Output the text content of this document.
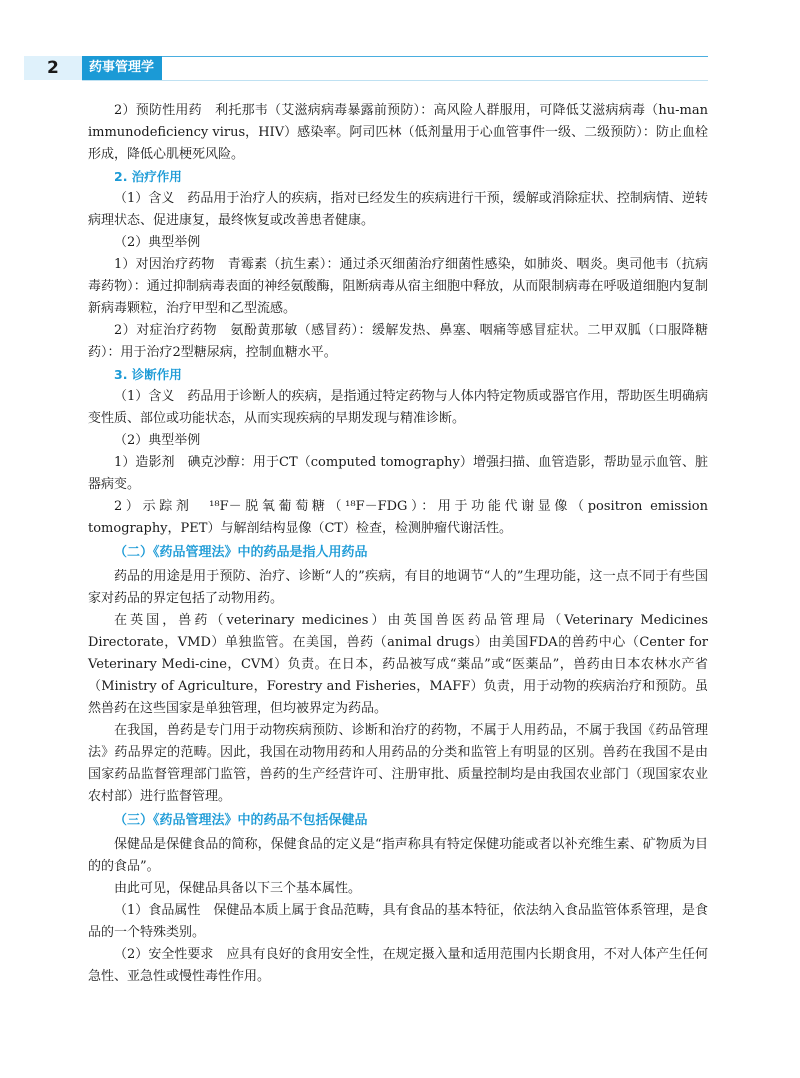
2	药事管理学

2）预防性用药　利托那韦（艾滋病病毒暴露前预防）：高风险人群服用，可降低艾滋病病毒（hu-man immunodeficiency virus，HIV）感染率。阿司匹林（低剂量用于心血管事件一级、二级预防）：防止血栓形成，降低心肌梗死风险。

2. 治疗作用

（1）含义　药品用于治疗人的疾病，指对已经发生的疾病进行干预，缓解或消除症状、控制病情、逆转病理状态、促进康复，最终恢复或改善患者健康。

（2）典型举例

1）对因治疗药物　青霉素（抗生素）：通过杀灭细菌治疗细菌性感染，如肺炎、咽炎。奥司他韦（抗病毒药物）：通过抑制病毒表面的神经氨酸酶，阻断病毒从宿主细胞中释放，从而限制病毒在呼吸道细胞内复制新病毒颗粒，治疗甲型和乙型流感。

2）对症治疗药物　氨酚黄那敏（感冒药）：缓解发热、鼻塞、咽痛等感冒症状。二甲双胍（口服降糖药）：用于治疗2型糖尿病，控制血糖水平。

3. 诊断作用

（1）含义　药品用于诊断人的疾病，是指通过特定药物与人体内特定物质或器官作用，帮助医生明确病变性质、部位或功能状态，从而实现疾病的早期发现与精准诊断。

（2）典型举例

1）造影剂　碘克沙醇：用于CT（computed tomography）增强扫描、血管造影，帮助显示血管、脏器病变。

2）示踪剂　¹⁸F－脱氧葡萄糖（¹⁸F－FDG）：用于功能代谢显像（positron emission tomography，PET）与解剖结构显像（CT）检查，检测肿瘤代谢活性。

（二）《药品管理法》中的药品是指人用药品

药品的用途是用于预防、治疗、诊断“人的”疾病，有目的地调节“人的”生理功能，这一点不同于有些国家对药品的界定包括了动物用药。

在英国，兽药（veterinary medicines）由英国兽医药品管理局（Veterinary Medicines Directorate，VMD）单独监管。在美国，兽药（animal drugs）由美国FDA的兽药中心（Center for Veterinary Medi-cine，CVM）负责。在日本，药品被写成“薬品”或“医薬品”，兽药由日本农林水产省（Ministry of Agriculture，Forestry and Fisheries，MAFF）负责，用于动物的疾病治疗和预防。虽然兽药在这些国家是单独管理，但均被界定为药品。

在我国，兽药是专门用于动物疾病预防、诊断和治疗的药物，不属于人用药品，不属于我国《药品管理法》药品界定的范畴。因此，我国在动物用药和人用药品的分类和监管上有明显的区别。兽药在我国不是由国家药品监督管理部门监管，兽药的生产经营许可、注册审批、质量控制均是由我国农业部门（现国家农业农村部）进行监督管理。

（三）《药品管理法》中的药品不包括保健品

保健品是保健食品的简称，保健食品的定义是“指声称具有特定保健功能或者以补充维生素、矿物质为目的的食品”。

由此可见，保健品具备以下三个基本属性。

（1）食品属性　保健品本质上属于食品范畴，具有食品的基本特征，依法纳入食品监管体系管理，是食品的一个特殊类别。

（2）安全性要求　应具有良好的食用安全性，在规定摄入量和适用范围内长期食用，不对人体产生任何急性、亚急性或慢性毒性作用。
